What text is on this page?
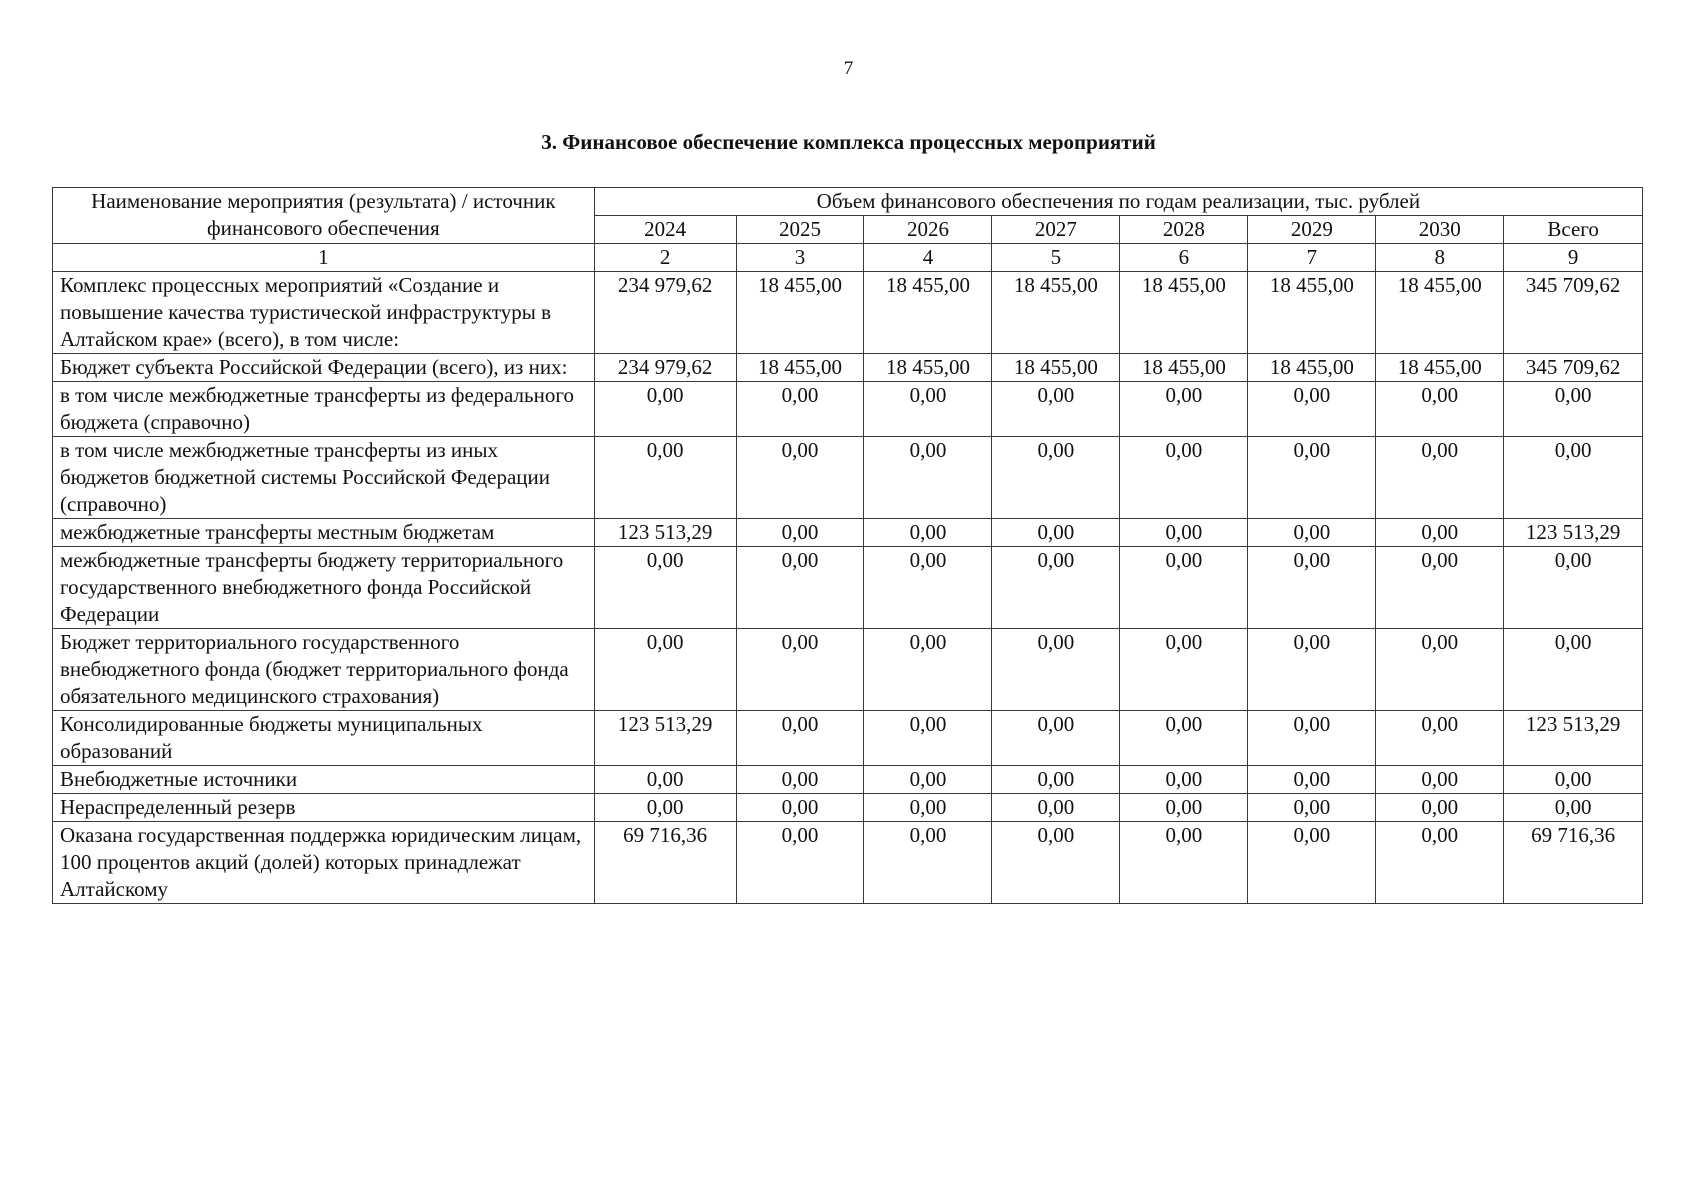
7
3. Финансовое обеспечение комплекса процессных мероприятий
Наименование мероприятия (результата) / источник финансового обеспечения	Объем финансового обеспечения по годам реализации, тыс. рублей							
	2024	2025	2026	2027	2028	2029	2030	Всего
1	2	3	4	5	6	7	8	9
Комплекс процессных мероприятий «Создание и повышение качества туристической инфраструктуры в Алтайском крае» (всего), в том числе:	234 979,62	18 455,00	18 455,00	18 455,00	18 455,00	18 455,00	18 455,00	345 709,62
Бюджет субъекта Российской Федерации (всего), из них:	234 979,62	18 455,00	18 455,00	18 455,00	18 455,00	18 455,00	18 455,00	345 709,62
в том числе межбюджетные трансферты из федерального бюджета (справочно)	0,00	0,00	0,00	0,00	0,00	0,00	0,00	0,00
в том числе межбюджетные трансферты из иных бюджетов бюджетной системы Российской Федерации (справочно)	0,00	0,00	0,00	0,00	0,00	0,00	0,00	0,00
межбюджетные трансферты местным бюджетам	123 513,29	0,00	0,00	0,00	0,00	0,00	0,00	123 513,29
межбюджетные трансферты бюджету территориального государственного внебюджетного фонда Российской Федерации	0,00	0,00	0,00	0,00	0,00	0,00	0,00	0,00
Бюджет территориального государственного внебюджетного фонда (бюджет территориального фонда обязательного медицинского страхования)	0,00	0,00	0,00	0,00	0,00	0,00	0,00	0,00
Консолидированные бюджеты муниципальных образований	123 513,29	0,00	0,00	0,00	0,00	0,00	0,00	123 513,29
Внебюджетные источники	0,00	0,00	0,00	0,00	0,00	0,00	0,00	0,00
Нераспределенный резерв	0,00	0,00	0,00	0,00	0,00	0,00	0,00	0,00
Оказана государственная поддержка юридическим лицам, 100 процентов акций (долей) которых принадлежат Алтайскому	69 716,36	0,00	0,00	0,00	0,00	0,00	0,00	69 716,36
